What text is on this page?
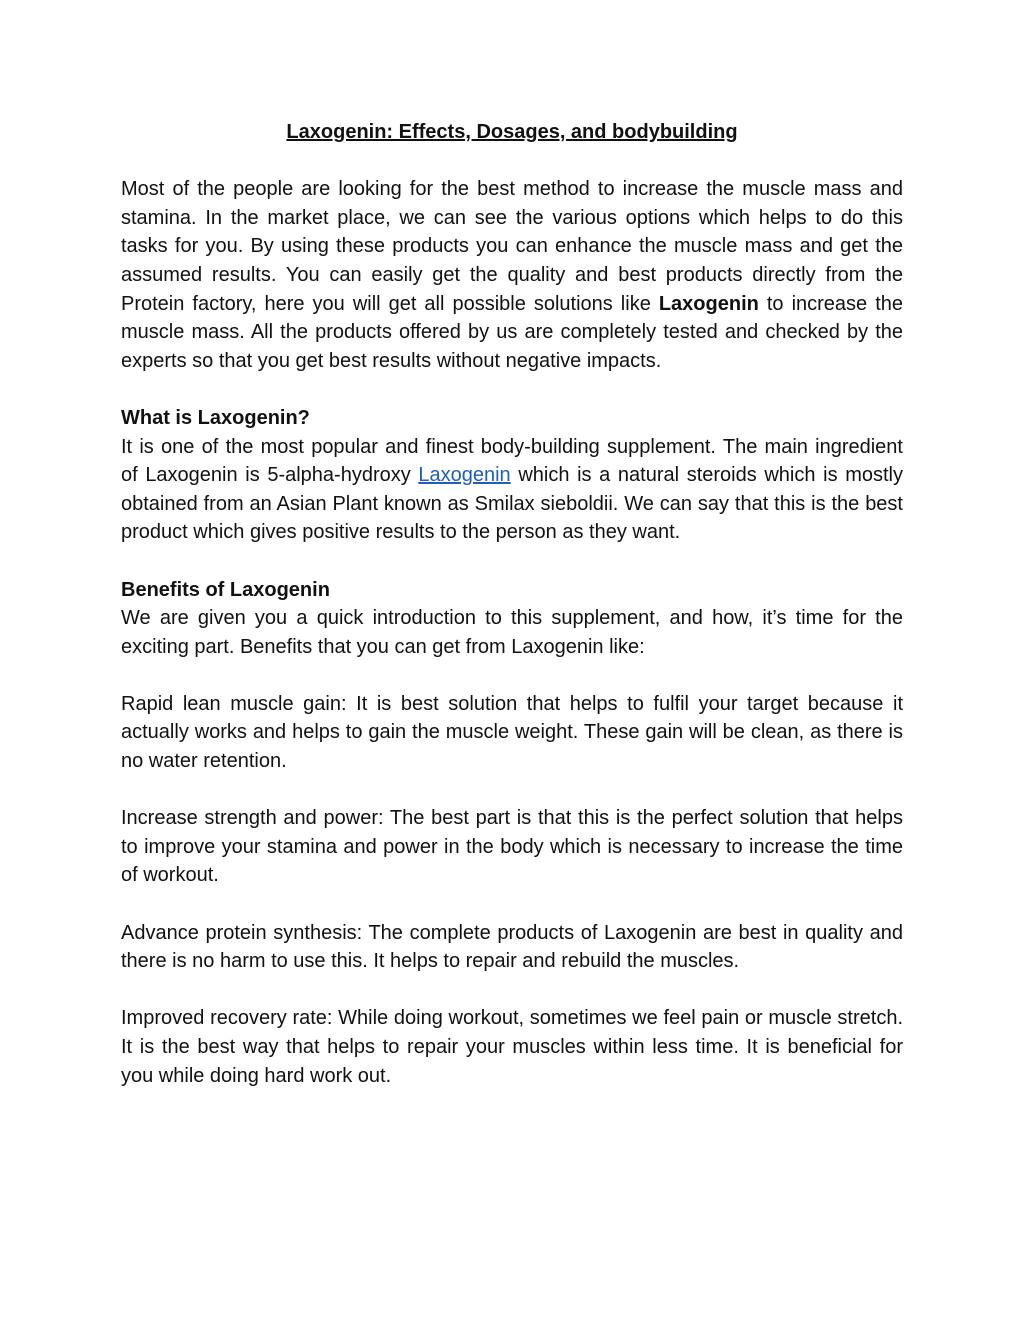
Laxogenin: Effects, Dosages, and bodybuilding

Most of the people are looking for the best method to increase the muscle mass and stamina. In the market place, we can see the various options which helps to do this tasks for you. By using these products you can enhance the muscle mass and get the assumed results. You can easily get the quality and best products directly from the Protein factory, here you will get all possible solutions like Laxogenin to increase the muscle mass. All the products offered by us are completely tested and checked by the experts so that you get best results without negative impacts.

What is Laxogenin?
It is one of the most popular and finest body-building supplement. The main ingredient of Laxogenin is 5-alpha-hydroxy Laxogenin which is a natural steroids which is mostly obtained from an Asian Plant known as Smilax sieboldii. We can say that this is the best product which gives positive results to the person as they want.

Benefits of Laxogenin
We are given you a quick introduction to this supplement, and how, it’s time for the exciting part. Benefits that you can get from Laxogenin like:

Rapid lean muscle gain: It is best solution that helps to fulfil your target because it actually works and helps to gain the muscle weight. These gain will be clean, as there is no water retention.

Increase strength and power: The best part is that this is the perfect solution that helps to improve your stamina and power in the body which is necessary to increase the time of workout.

Advance protein synthesis: The complete products of Laxogenin are best in quality and there is no harm to use this. It helps to repair and rebuild the muscles.

Improved recovery rate: While doing workout, sometimes we feel pain or muscle stretch. It is the best way that helps to repair your muscles within less time. It is beneficial for you while doing hard work out.
